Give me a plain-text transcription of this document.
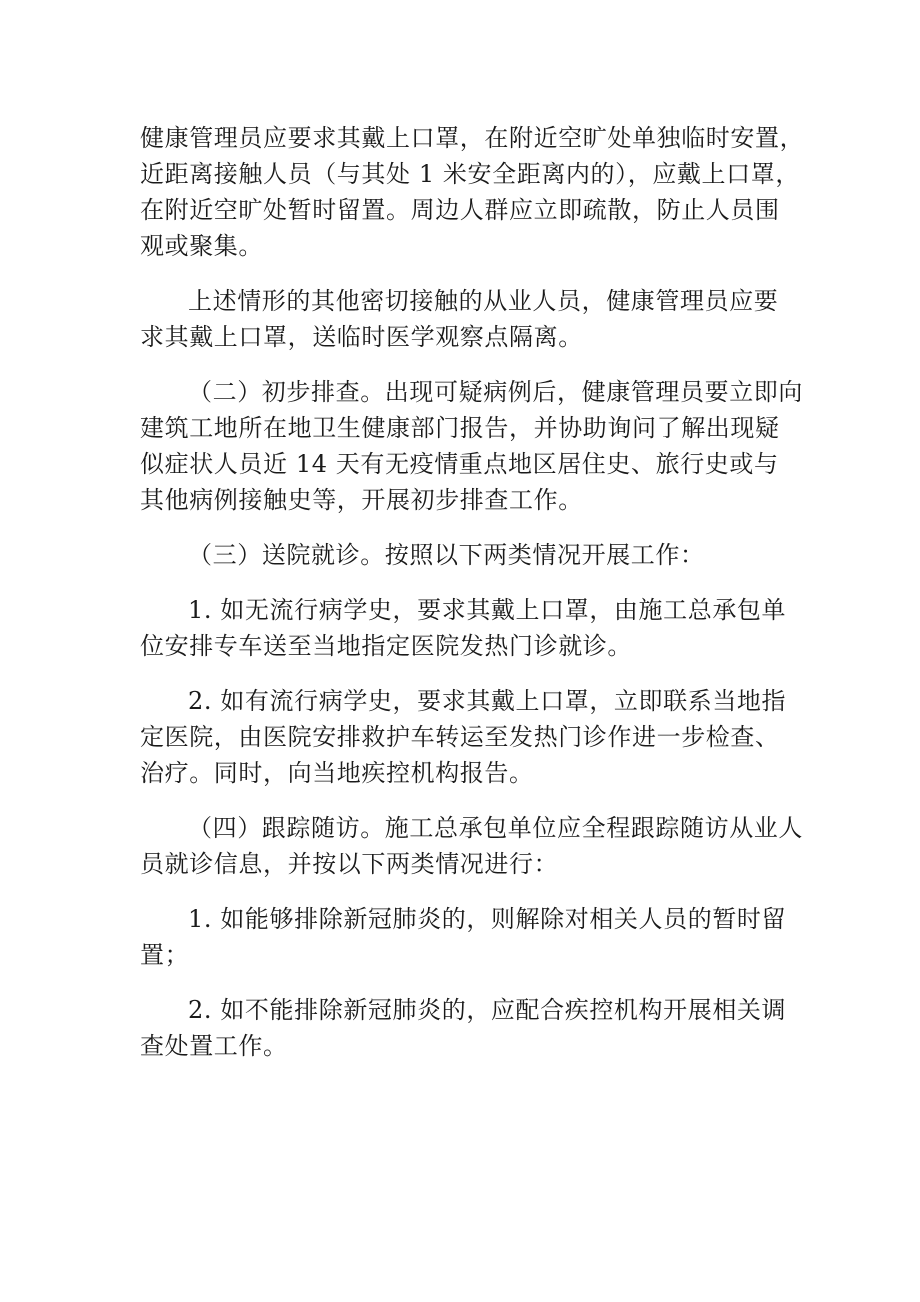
健康管理员应要求其戴上口罩，在附近空旷处单独临时安置，
近距离接触人员（与其处 1 米安全距离内的），应戴上口罩，
在附近空旷处暂时留置。周边人群应立即疏散，防止人员围
观或聚集。
上述情形的其他密切接触的从业人员，健康管理员应要
求其戴上口罩，送临时医学观察点隔离。
（二）初步排查。出现可疑病例后，健康管理员要立即向
建筑工地所在地卫生健康部门报告，并协助询问了解出现疑
似症状人员近 14 天有无疫情重点地区居住史、旅行史或与
其他病例接触史等，开展初步排查工作。
（三）送院就诊。按照以下两类情况开展工作：
1. 如无流行病学史，要求其戴上口罩，由施工总承包单
位安排专车送至当地指定医院发热门诊就诊。
2. 如有流行病学史，要求其戴上口罩，立即联系当地指
定医院，由医院安排救护车转运至发热门诊作进一步检查、
治疗。同时，向当地疾控机构报告。
（四）跟踪随访。施工总承包单位应全程跟踪随访从业人
员就诊信息，并按以下两类情况进行：
1. 如能够排除新冠肺炎的，则解除对相关人员的暂时留
置；
2. 如不能排除新冠肺炎的，应配合疾控机构开展相关调
查处置工作。
